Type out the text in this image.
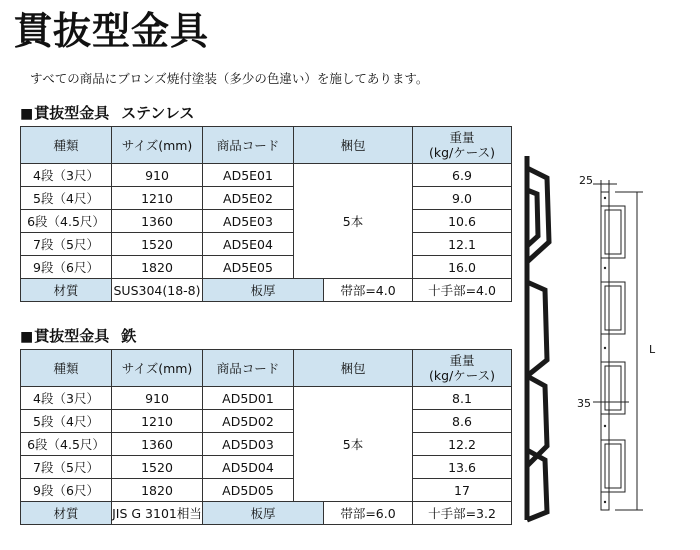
貫抜型金具
すべての商品にブロンズ焼付塗装（多少の色違い）を施してあります。
■貫抜型金具 ステンレス
種類	サイズ(mm)	商品コード	梱包		重量
(kg/ケース)

4段（3尺）	910	AD5E01	5本		6.9
5段（4尺）	1210	AD5E02			9.0
6段（4.5尺）	1360	AD5E03			10.6
7段（5尺）	1520	AD5E04			12.1
9段（6尺）	1820	AD5E05			16.0
材質	SUS304(18-8)	板厚		帯部=4.0	十手部=4.0
■貫抜型金具 鉄
種類	サイズ(mm)	商品コード	梱包		重量
(kg/ケース)

4段（3尺）	910	AD5D01	5本		8.1
5段（4尺）	1210	AD5D02			8.6
6段（4.5尺）	1360	AD5D03			12.2
7段（5尺）	1520	AD5D04			13.6
9段（6尺）	1820	AD5D05			17
材質	JIS G 3101相当	板厚		帯部=6.0	十手部=3.2
25
35
L
